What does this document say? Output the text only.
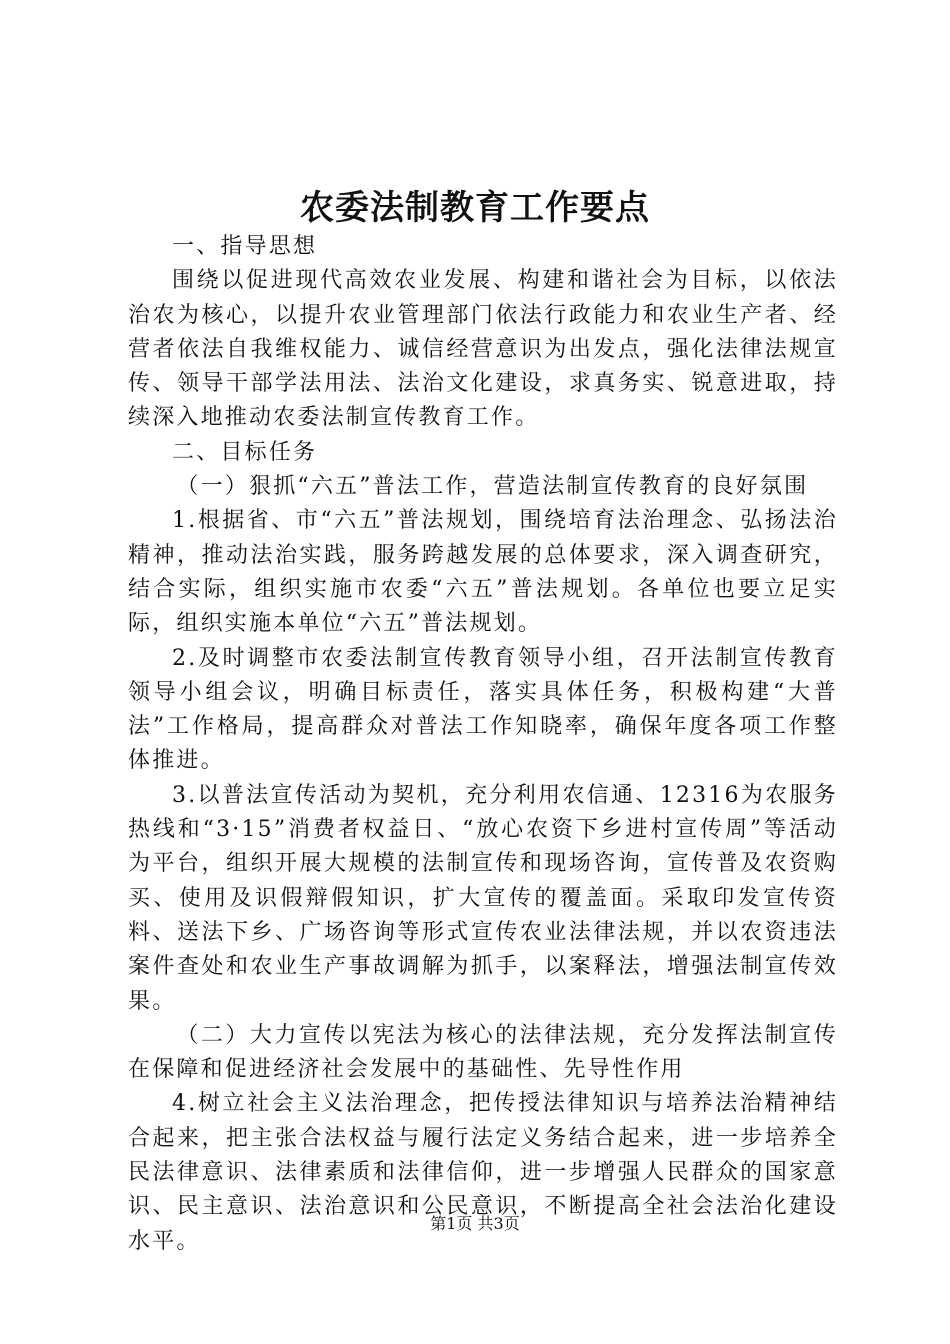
农委法制教育工作要点

一、指导思想

围绕以促进现代高效农业发展、构建和谐社会为目标，以依法治农为核心，以提升农业管理部门依法行政能力和农业生产者、经营者依法自我维权能力、诚信经营意识为出发点，强化法律法规宣传、领导干部学法用法、法治文化建设，求真务实、锐意进取，持续深入地推动农委法制宣传教育工作。

二、目标任务

（一）狠抓“六五”普法工作，营造法制宣传教育的良好氛围

1.根据省、市“六五”普法规划，围绕培育法治理念、弘扬法治精神，推动法治实践，服务跨越发展的总体要求，深入调查研究，结合实际，组织实施市农委“六五”普法规划。各单位也要立足实际，组织实施本单位“六五”普法规划。

2.及时调整市农委法制宣传教育领导小组，召开法制宣传教育领导小组会议，明确目标责任，落实具体任务，积极构建“大普法”工作格局，提高群众对普法工作知晓率，确保年度各项工作整体推进。

3.以普法宣传活动为契机，充分利用农信通、12316为农服务热线和“3·15”消费者权益日、“放心农资下乡进村宣传周”等活动为平台，组织开展大规模的法制宣传和现场咨询，宣传普及农资购买、使用及识假辩假知识，扩大宣传的覆盖面。采取印发宣传资料、送法下乡、广场咨询等形式宣传农业法律法规，并以农资违法案件查处和农业生产事故调解为抓手，以案释法，增强法制宣传效果。

（二）大力宣传以宪法为核心的法律法规，充分发挥法制宣传在保障和促进经济社会发展中的基础性、先导性作用

4.树立社会主义法治理念，把传授法律知识与培养法治精神结合起来，把主张合法权益与履行法定义务结合起来，进一步培养全民法律意识、法律素质和法律信仰，进一步增强人民群众的国家意识、民主意识、法治意识和公民意识，不断提高全社会法治化建设水平。

第1页 共3页
